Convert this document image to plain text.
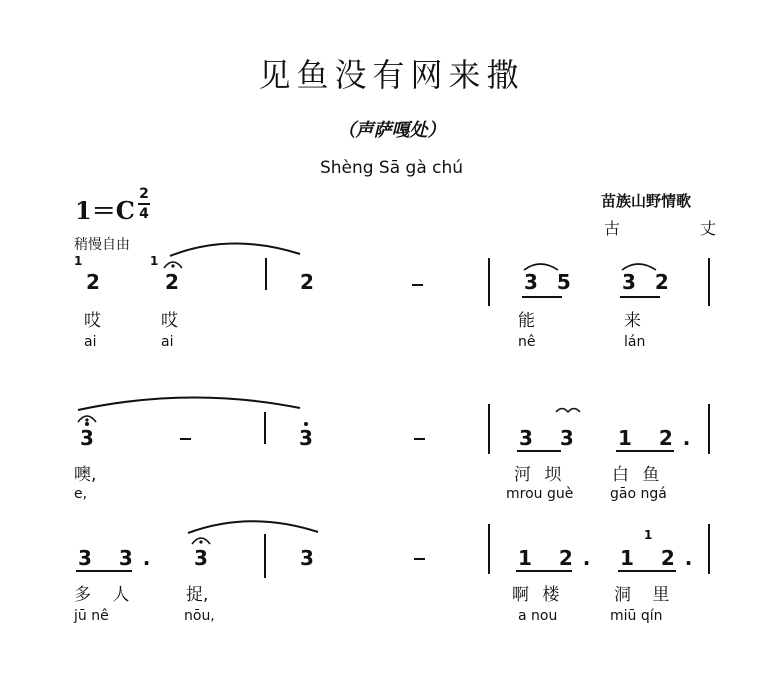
见鱼没有网来撒
（声萨嘎处）
Shèng Sā gà chú
1＝C
2
4
苗族山野情歌
古	丈
稍慢自由
1	1
2	2	2	3 5 3 2
哎	哎	能	来
ai	ai	nê	lán
3	3	3 3 1 2.
噢,	河 坝	白 鱼
e,	mrou guè	gāo ngá
3 3. 3	3	1 2.
1
1 2.
多 人	捉,	啊 楼	洞 里
jū nê	nōu,	a nou	miū qín
